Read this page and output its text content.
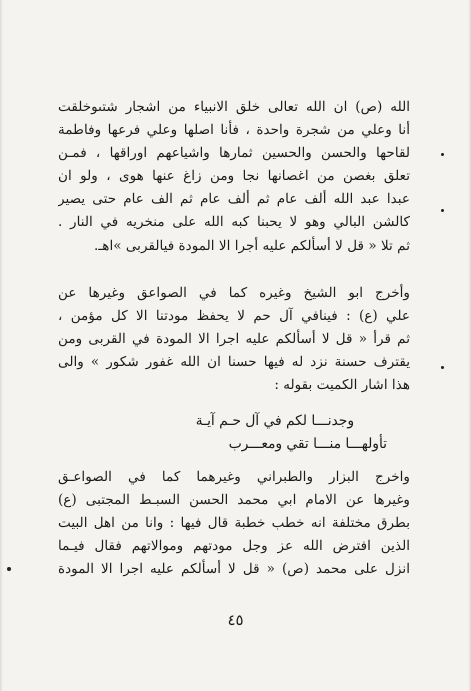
الله (ص) ان الله تعالى خلق الانبياء من اشجار شتىوخلقت
أنا وعلي من شجرة واحدة ، فأنا اصلها وعلي فرعها وفاطمة
لقاحها والحسن والحسين ثمارها واشياعهم اوراقها ، فمـن
تعلق بغصن من اغصانها نجا ومن زاغ عنها هوى ، ولو ان
عبدا عبد الله ألف عام ثم ألف عام ثم الف عام حتى يصير
كالشن البالي وهو لا يحبنا كبه الله على منخريه في النار .
ثم تلا « قل لا أسألكم عليه أجرا الا المودة فيالقربى »اهـ.
وأخرج ابو الشيخ وغيره كما في الصواعق وغيرها عن
علي (ع) : فينافي آل حم لا يحفظ مودتنا الا كل مؤمن ،
ثم قرأ « قل لا أسألكم عليه اجرا الا المودة في القربى ومن
يقترف حسنة نزد له فيها حسنا ان الله غفور شكور » والى
هذا اشار الكميت بقوله :
وجدنـــا لكم في آل حـم آيـة
تأولهـــا منـــا تقي ومعـــرب
واخرج البزار والطبراني وغيرهما كما في الصواعـق
وغيرها عن الامام ابي محمد الحسن السبـط المجتبى (ع)
بطرق مختلفة انه خطب خطبة قال فيها : وانا من اهل البيت
الذين افترض الله عز وجل مودتهم وموالاتهم فقال فيـما
انزل على محمد (ص) « قل لا أسألكم عليه اجرا الا المودة
٤٥
